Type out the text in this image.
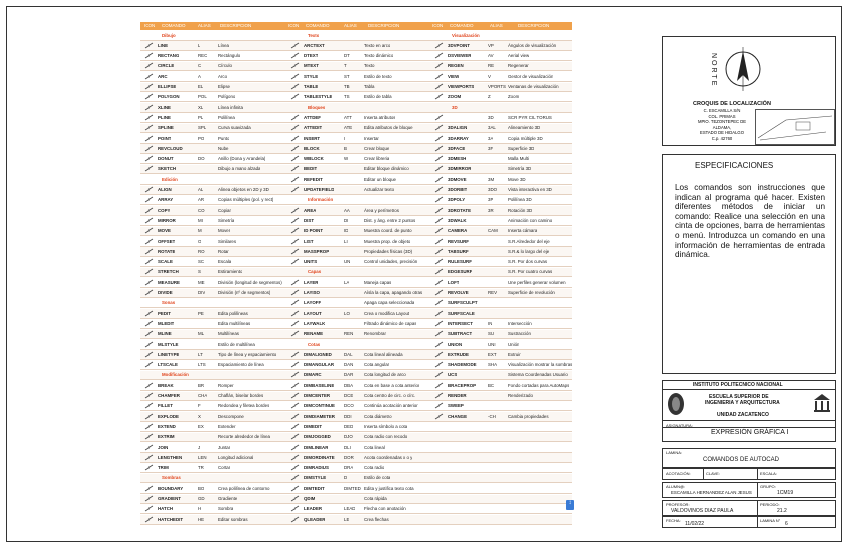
ICON COMANDO	ALIAS DESCRIPCION	ICON COMANDO	ALIAS DESCRIPCION	ICON COMANDO	ALIAS	DESCRIPCION
Dibujo	Texto	Visualización
LINE	L	Línea	ARCTEXT	Texto en arco	3DVPOINT	VP	Ángulos de visualización
RECTANG	REC Rectángulo	DTEXT	DT	Texto dinámico	DSVIEWER	AV	Aerial view
CIRCLE	C	Círculo	MTEXT	T	Texto	REGEN	RE	Regenerar
ARC	A	Arco	STYLE	ST	Estilo de texto	VIEW	V	Gestor de visualización
ELLIPSE	EL	Elipse	TABLE	TB	Tabla	VIEWPORTS	VPORTS Ventanas de visualización
POLYGON	POL	Polígono	TABLESTYLE	TS	Estilo de tabla	ZOOM	Z	Zoom
XLINE	XL	Línea infinita	Bloques	3D
PLINE	PL	Polilínea	ATTDEF	ATT	Inserta atributos	3D	SCR PYR CIL TORUS
SPLINE	SPL	Curva suavizada	ATTEDIT	ATE	Edita atributos de bloque	3DALIGN	3AL	Alineamiento 3D
POINT	PO	Punto	INSERT	I	Insertar	3DARRAY	3A	Copia múltiple 3D
REVCLOUD	Nube	BLOCK	B	Crear bloque	3DFACE	3F	Superficie 3D
DONUT	DO	Anillo (Dona y Arandela)	WBLOCK	W	Crear libreria	3DMESH	Malla Multi
SKETCH	Dibujo a mano alzada	BEDIT	Editar bloque dinámico	3DMIRROR	Simetría 3D
Edición	REFEDIT	Editar un bloque	3DMOVE	3M	Move 3D
ALIGN	AL	Alinea objetos en 2D y 3D	UPDATEFIELD	Actualizar texto	3DORBIT	3DO Vista interactiva en 3D
ARRAY	AR	Copias múltiples (pol. y rect)	Información	3DPOLY	3P	Polilínea 3D
COPY	CO	Copiar	AREA	AA	Área y perímetros	3DROTATE	3R	Rotación 3D
MIRROR	MI	Simetría	DIST	DI	Dist. y áng. entre 2 puntos	3DWALK	Animación con camino
MOVE	M	Mover	ID POINT	ID	Muestra coord. de punto	CAMERA	CAM Inserta cámara
OFFSET	O	Similares	LIST	LI	Muestra prop. de objeto	REVSURF	S.R.Alrededor del eje
ROTATE	RO	Rotar	MASSPROP	Propiedades físicas (3D)	TABSURF	S.R.& lo largo del eje
SCALE	SC	Escala	UNITS	UN	Control unidades, precisión	RULESURF	S.R. Por dos curvas
STRETCH	S	Estiramiento	Capas	EDGESURF	S.R. Por cuatro curvas
MEASURE	ME	División (longitud de segmentos)	LAYER	LA	Maneja capas	LOFT	Une perfiles generar volumen
DIVIDE	DIV	División (nº de segmentos)	LAYISO	Aísla la capa, apagando otras	REVOLVE	REV Superficie de revolución
Sonas	LAYOFF	Apaga capa seleccionada	SURFSCULPT
PEDIT	PE	Edita polilíneas	LAYOUT	LO	Crea o modifica Layout	SURFSCALE
MLEDIT	Edita multilíneas	LAYWALK	Filtrado dinámico de capas	INTERSECT	IN	Intersección
MLINE	ML	Multilíneas	RENAME	REN Renombrar	SUBTRACT	SU	Sustracción
MLSTYLE	Estilo de multilínea	Cotas	UNION	UNI	Unión
LINETYPE	LT	Tipo de línea y espaciamiento	DIMALIGNED	DAL	Cota lineal alineada	EXTRUDE	EXT	Extruir
LTSCALE	LTS	Espaciamiento de línea	DIMANGULAR DAN Cota angular	SHADEMODE	SHA Visualización mostrar la sombras
Modificación	DIMARC	DAR Cota longitud de arco	UCS	Sistema Coordenadas Usuario
BREAK	BR	Romper	DIMBASELINE DBA Cota en base a cota anterior	BRACEPROP	BC	Fondo cortadas para AutoMaps
CHAMFER	CHA Chaflán, biselar bordes	DIMCENTER	DCE Cota centro de circ. o círc.	RENDER	Renderizado
FILLET	F	Redondea y filetea bordes	DIMCONTINUE DCO Continúa acotación anterior	SWEEP
EXPLODE	X	Descompone	DIMDIAMETER DDI	Cota diámetro	CHANGE	-CH	Cambia propiedades
EXTEND	EX	Extender	DIMEDIT	DED Inserta símbolo a cota
EXTRIM	Recorte alrededor de línea	DIMJOGGED	DJO	Cota radio con recodo
JOIN	J	Juntar	DIMLINEAR	DLI	Cota lineal
LENGTHEN	LEN	Longitud adicional	DIMORDINATE DOR Acota coordenadas x o y
TRIM	TR	Cortar	DIMRADIUS	DRA Cota radio
Sombras	DIMSTYLE	D	Estilo de cota
BOUNDARY	BO	Crea polilínea de contorno	DIMTEDIT	DIMTED Edita y justifica texto cota
GRADIENT	GD	Gradiente	QDIM	Cota rápida
HATCH	H	Sombra	LEADER	LEAD Flecha con anotación
HATCHEDIT	HE	Editar sombras	QLEADER	LE	Crea flechas
↕
NORTE
CROQUIS DE LOCALIZACIÓN
C. ESCAMILLA S/N
COL. PRIMAS
MPIO. TEZONTEPEC DE ALDAMA,
ESTADO DE HIDALGO
C.p. 42760
ESPECIFICACIONES
Los comandos son instrucciones que indican al programa qué hacer. Existen diferentes métodos de iniciar un comando: Realice una selección en una cinta de opciones, barra de herramientas o menú. Introduzca un comando en una información de herramientas de entrada dinámica.
INSTITUTO POLITECNICO NACIONAL
ESCUELA SUPERIOR DE
INGENIERIA Y ARQUITECTURA
UNIDAD ZACATENCO
ASIGNATURA:
EXPRESIÓN GRÁFICA I
LAMINA:
COMANDOS DE AUTOCAD
ACOTACIÓN:	CLAVE:	ESCALA:
ALUMN@:
ESCAMILLA HERNANDEZ ALAN JESUS
GRUPO:
1CM19
PROFESOR:
VALDOVINOS DIAZ PAULA
PERIODO:
21.2
FECHA:
11/02/22
LAMINA N°
6
